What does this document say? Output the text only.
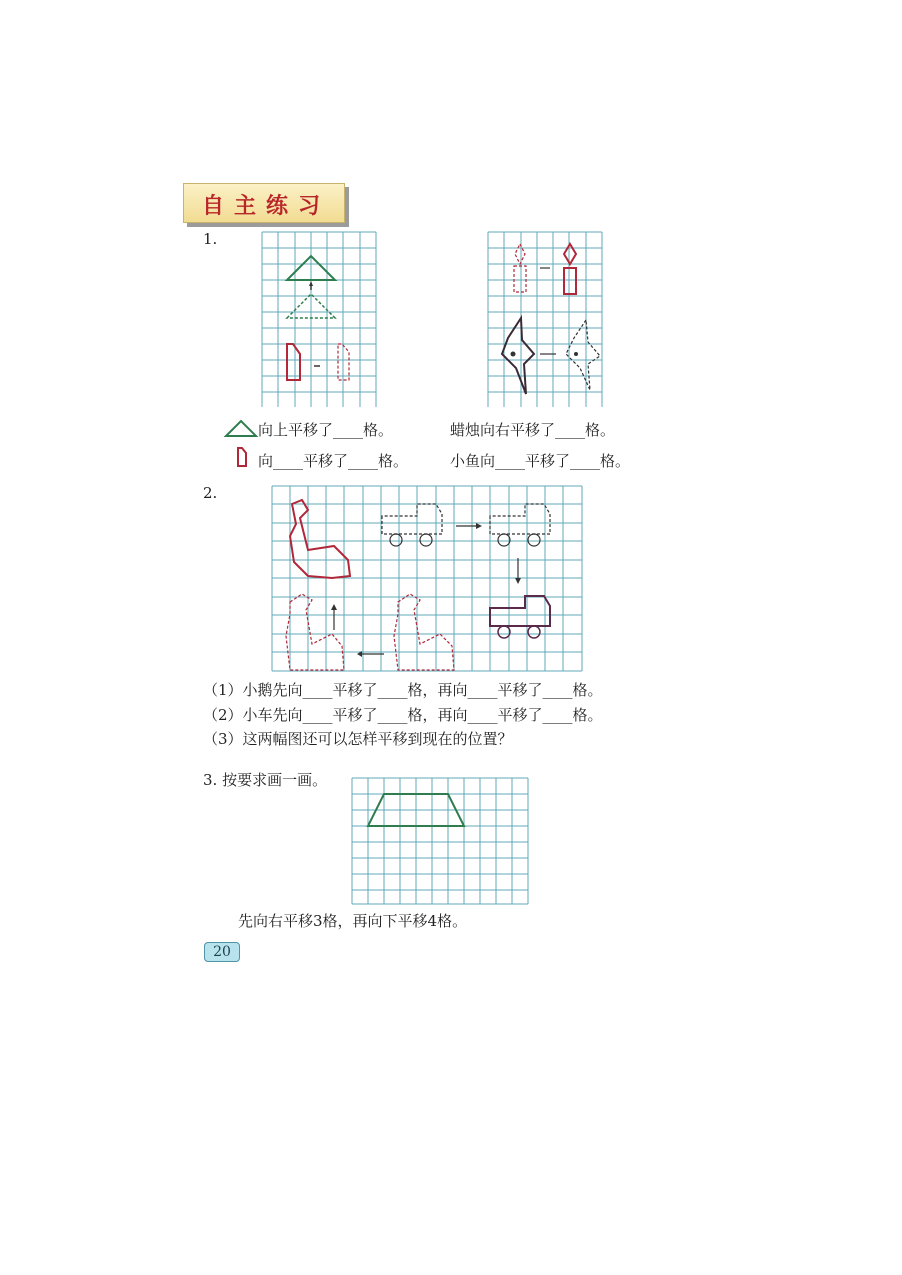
自主练习
1.
向上平移了____格。	蜡烛向右平移了____格。
向____平移了____格。	小鱼向____平移了____格。
2.
（1）小鹅先向____平移了____格，再向____平移了____格。
（2）小车先向____平移了____格，再向____平移了____格。
（3）这两幅图还可以怎样平移到现在的位置？
3. 按要求画一画。
先向右平移3格，再向下平移4格。
20
